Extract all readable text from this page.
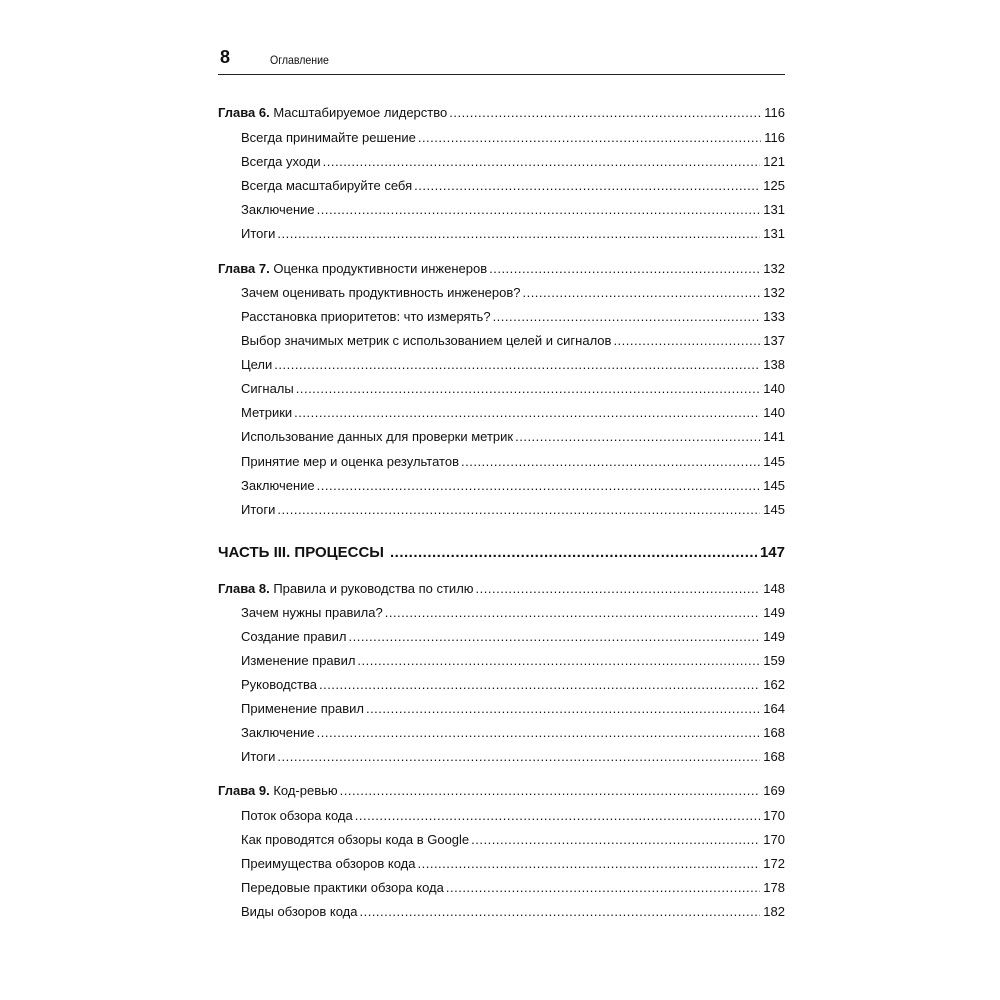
8	Оглавление
Глава 6. Масштабируемое лидерство .....	116
Всегда принимайте решение .....	116
Всегда уходи .....	121
Всегда масштабируйте себя .....	125
Заключение .....	131
Итоги .....	131
Глава 7. Оценка продуктивности инженеров .....	132
Зачем оценивать продуктивность инженеров? .....	132
Расстановка приоритетов: что измерять? .....	133
Выбор значимых метрик с использованием целей и сигналов .....	137
Цели .....	138
Сигналы .....	140
Метрики .....	140
Использование данных для проверки метрик .....	141
Принятие мер и оценка результатов .....	145
Заключение .....	145
Итоги .....	145
ЧАСТЬ III. ПРОЦЕССЫ .....	147
Глава 8. Правила и руководства по стилю .....	148
Зачем нужны правила? .....	149
Создание правил .....	149
Изменение правил .....	159
Руководства .....	162
Применение правил .....	164
Заключение .....	168
Итоги .....	168
Глава 9. Код-ревью .....	169
Поток обзора кода .....	170
Как проводятся обзоры кода в Google .....	170
Преимущества обзоров кода .....	172
Передовые практики обзора кода .....	178
Виды обзоров кода .....	182
